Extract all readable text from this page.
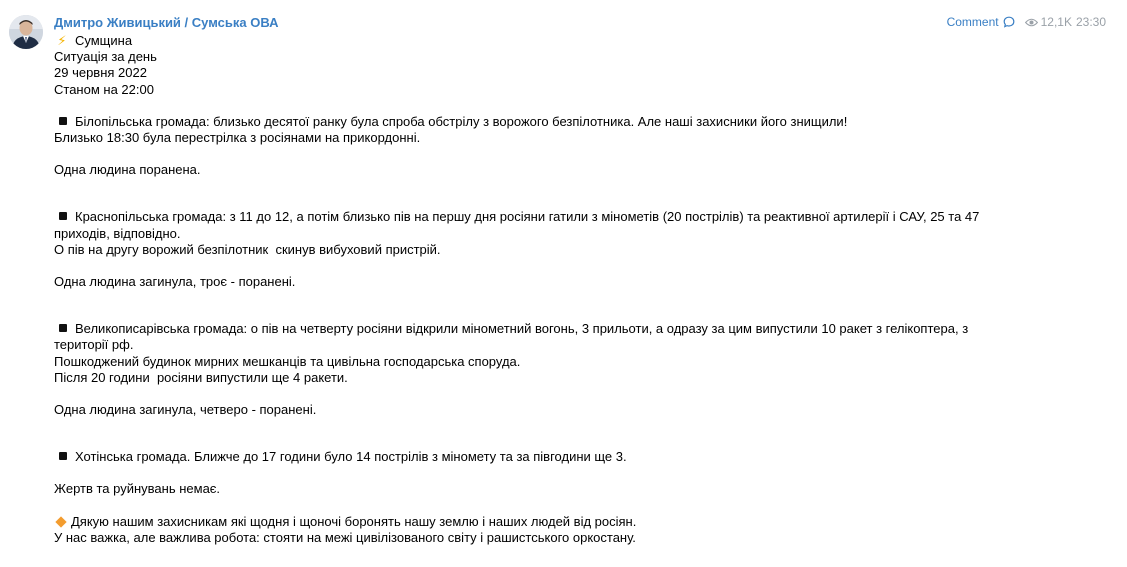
Дмитро Живицький / Сумська ОВА	Comment	12,1K 23:30

⚡ Сумщина

Ситуація за день

29 червня 2022

Станом на 22:00

Білопільська громада: близько десятої ранку була спроба обстрілу з ворожого безпілотника. Але наші захисники його знищили!

Близько 18:30 була перестрілка з росіянами на прикордонні.

Одна людина поранена.

Краснопільська громада: з 11 до 12, а потім близько пів на першу дня росіяни гатили з мінометів (20 пострілів) та реактивної артилерії і САУ, 25 та 47

приходів, відповідно.

О пів на другу ворожий безпілотник  скинув вибуховий пристрій.

Одна людина загинула, троє - поранені.

Великописарівська громада: о пів на четверту росіяни відкрили мінометний вогонь, 3 прильоти, а одразу за цим випустили 10 ракет з гелікоптера, з

території рф.

Пошкоджений будинок мирних мешканців та цивільна господарська споруда.

Після 20 години  росіяни випустили ще 4 ракети.

Одна людина загинула, четверо - поранені.

Хотінська громада. Ближче до 17 години було 14 пострілів з міномету та за півгодини ще 3.

Жертв та руйнувань немає.

Дякую нашим захисникам які щодня і щоночі боронять нашу землю і наших людей від росіян.

У нас важка, але важлива робота: стояти на межі цивілізованого світу і рашистського оркостану.
